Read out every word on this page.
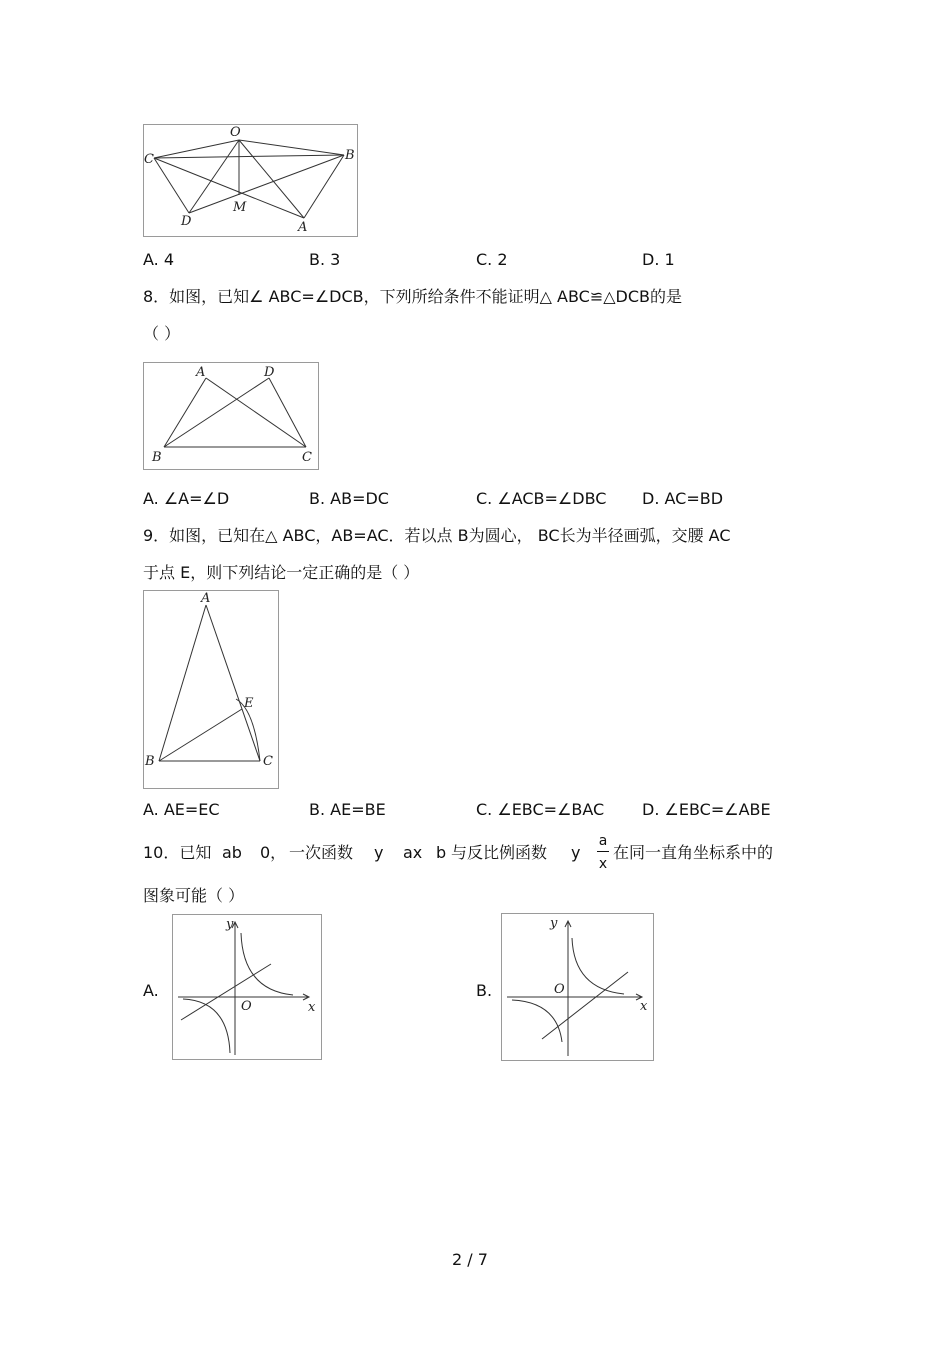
O
C	B
D
M
A
A. 4	B. 3	C. 2	D. 1
8．如图，已知∠ ABC=∠DCB，下列所给条件不能证明△ ABC≌△DCB的是
（ ）
A	D
B	C
A. ∠A=∠D	B. AB=DC	C. ∠ACB=∠DBC D. AC=BD
9．如图，已知在△ ABC，AB=AC．若以点 B为圆心， BC长为半径画弧，交腰 AC
于点 E，则下列结论一定正确的是（ ）
A
E
B	C
A. AE=EC	B. AE=BE	C. ∠EBC=∠BAC D. ∠EBC=∠ABE
10．已知 ab 0， 一次函数 y ax b 与反比例函数 y
a
x
在同一直角坐标系中的
图象可能（ ）
A.
y
x
O
B.
y
x
O
2 / 7
